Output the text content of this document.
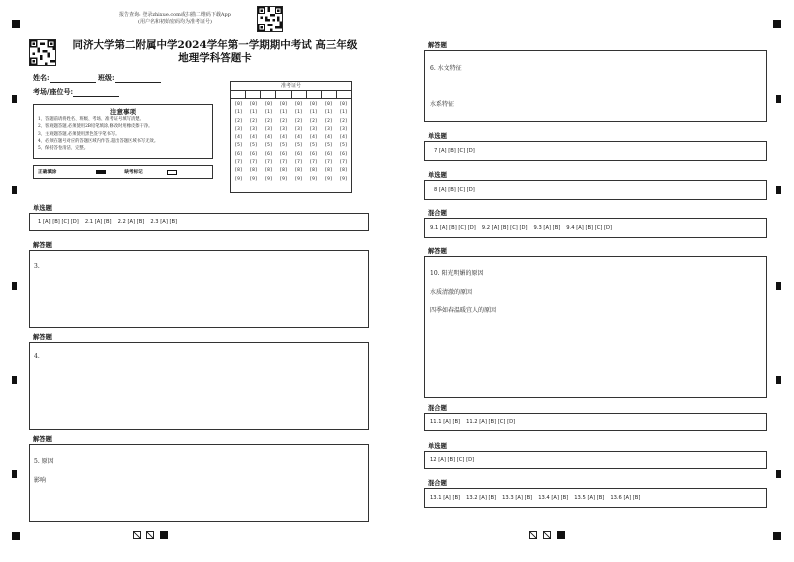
报告查询: 登录zhixue.com或扫描二维码下载App
(用户名和初始密码均为准考证号)
同济大学第二附属中学2024学年第一学期期中考试 高三年级
地理学科答题卡
姓名:	班级:
考场/座位号:
注意事项
1、答题前请将姓名、班级、考场、准考证号填写清楚。
2、客观题答题,必须使用2B铅笔填涂,修改时用橡皮擦干净。
3、主观题答题,必须使用黑色签字笔书写。
4、必须在题号对应的答题区域内作答,超出答题区域书写无效。
5、保持答卷清洁、完整。
正确填涂	缺考标记
准考证号
[0]
[1]
[2]
[3]
[4]
[5]
[6]
[7]
[8]
[9]
[0]
[1]
[2]
[3]
[4]
[5]
[6]
[7]
[8]
[9]
[0]
[1]
[2]
[3]
[4]
[5]
[6]
[7]
[8]
[9]
[0]
[1]
[2]
[3]
[4]
[5]
[6]
[7]
[8]
[9]
[0]
[1]
[2]
[3]
[4]
[5]
[6]
[7]
[8]
[9]
[0]
[1]
[2]
[3]
[4]
[5]
[6]
[7]
[8]
[9]
[0]
[1]
[2]
[3]
[4]
[5]
[6]
[7]
[8]
[9]
[0]
[1]
[2]
[3]
[4]
[5]
[6]
[7]
[8]
[9]
单选题
1 [A] [B] [C] [D] 2.1 [A] [B] 2.2 [A] [B] 2.3 [A] [B]
解答题
3.
解答题
4.
解答题
5. 原因
影响
解答题
6. 水文特征
水系特征
单选题
7 [A] [B] [C] [D]
单选题
8 [A] [B] [C] [D]
混合题
9.1 [A] [B] [C] [D] 9.2 [A] [B] [C] [D] 9.3 [A] [B] 9.4 [A] [B] [C] [D]
解答题
10. 阳光明媚的原因
水质清澈的原因
四季如春温暖宜人的原因
混合题
11.1 [A] [B] 11.2 [A] [B] [C] [D]
单选题
12 [A] [B] [C] [D]
混合题
13.1 [A] [B] 13.2 [A] [B] 13.3 [A] [B] 13.4 [A] [B] 13.5 [A] [B] 13.6 [A] [B]
